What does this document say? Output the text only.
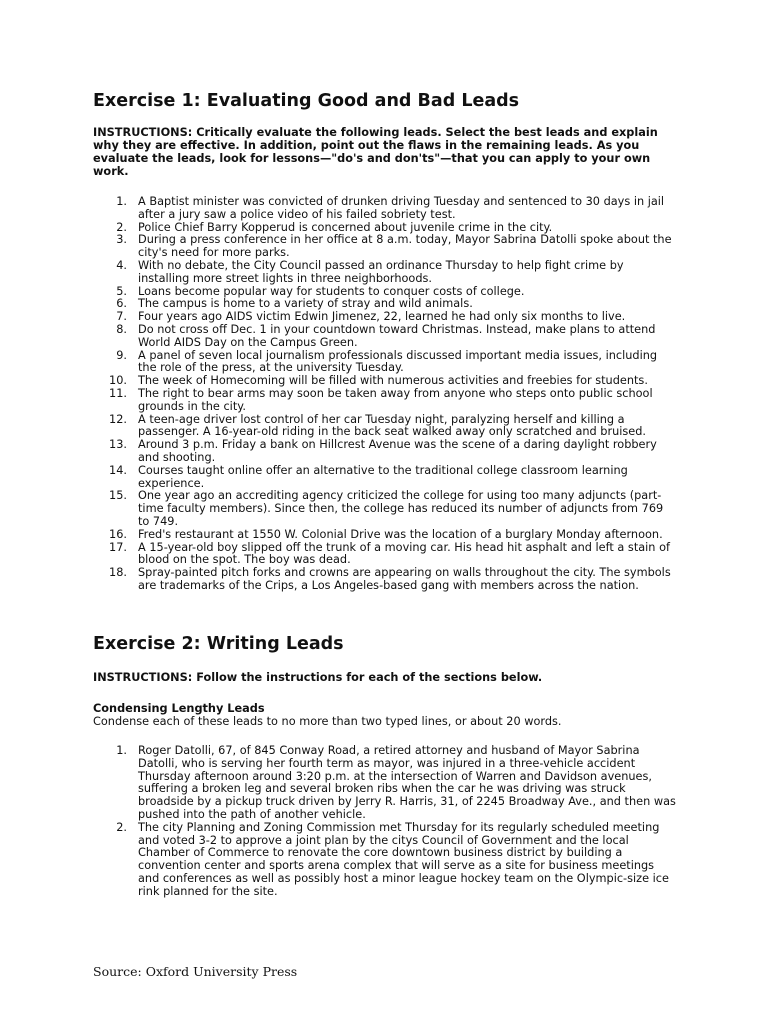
Exercise 1: Evaluating Good and Bad Leads

INSTRUCTIONS: Critically evaluate the following leads. Select the best leads and explain why they are effective. In addition, point out the flaws in the remaining leads. As you evaluate the leads, look for lessons—"do's and don'ts"—that you can apply to your own work.

1. A Baptist minister was convicted of drunken driving Tuesday and sentenced to 30 days in jail after a jury saw a police video of his failed sobriety test.
2. Police Chief Barry Kopperud is concerned about juvenile crime in the city.
3. During a press conference in her office at 8 a.m. today, Mayor Sabrina Datolli spoke about the city's need for more parks.
4. With no debate, the City Council passed an ordinance Thursday to help fight crime by installing more street lights in three neighborhoods.
5. Loans become popular way for students to conquer costs of college.
6. The campus is home to a variety of stray and wild animals.
7. Four years ago AIDS victim Edwin Jimenez, 22, learned he had only six months to live.
8. Do not cross off Dec. 1 in your countdown toward Christmas. Instead, make plans to attend World AIDS Day on the Campus Green.
9. A panel of seven local journalism professionals discussed important media issues, including the role of the press, at the university Tuesday.
10. The week of Homecoming will be filled with numerous activities and freebies for students.
11. The right to bear arms may soon be taken away from anyone who steps onto public school grounds in the city.
12. A teen-age driver lost control of her car Tuesday night, paralyzing herself and killing a passenger. A 16-year-old riding in the back seat walked away only scratched and bruised.
13. Around 3 p.m. Friday a bank on Hillcrest Avenue was the scene of a daring daylight robbery and shooting.
14. Courses taught online offer an alternative to the traditional college classroom learning experience.
15. One year ago an accrediting agency criticized the college for using too many adjuncts (part-time faculty members). Since then, the college has reduced its number of adjuncts from 769 to 749.
16. Fred's restaurant at 1550 W. Colonial Drive was the location of a burglary Monday afternoon.
17. A 15-year-old boy slipped off the trunk of a moving car. His head hit asphalt and left a stain of blood on the spot. The boy was dead.
18. Spray-painted pitch forks and crowns are appearing on walls throughout the city. The symbols are trademarks of the Crips, a Los Angeles-based gang with members across the nation.
Exercise 2: Writing Leads

INSTRUCTIONS: Follow the instructions for each of the sections below.

Condensing Lengthy Leads

Condense each of these leads to no more than two typed lines, or about 20 words.

1. Roger Datolli, 67, of 845 Conway Road, a retired attorney and husband of Mayor Sabrina Datolli, who is serving her fourth term as mayor, was injured in a three-vehicle accident Thursday afternoon around 3:20 p.m. at the intersection of Warren and Davidson avenues, suffering a broken leg and several broken ribs when the car he was driving was struck broadside by a pickup truck driven by Jerry R. Harris, 31, of 2245 Broadway Ave., and then was pushed into the path of another vehicle.
2. The city Planning and Zoning Commission met Thursday for its regularly scheduled meeting and voted 3-2 to approve a joint plan by the citys Council of Government and the local Chamber of Commerce to renovate the core downtown business district by building a convention center and sports arena complex that will serve as a site for business meetings and conferences as well as possibly host a minor league hockey team on the Olympic-size ice rink planned for the site.

Source: Oxford University Press
